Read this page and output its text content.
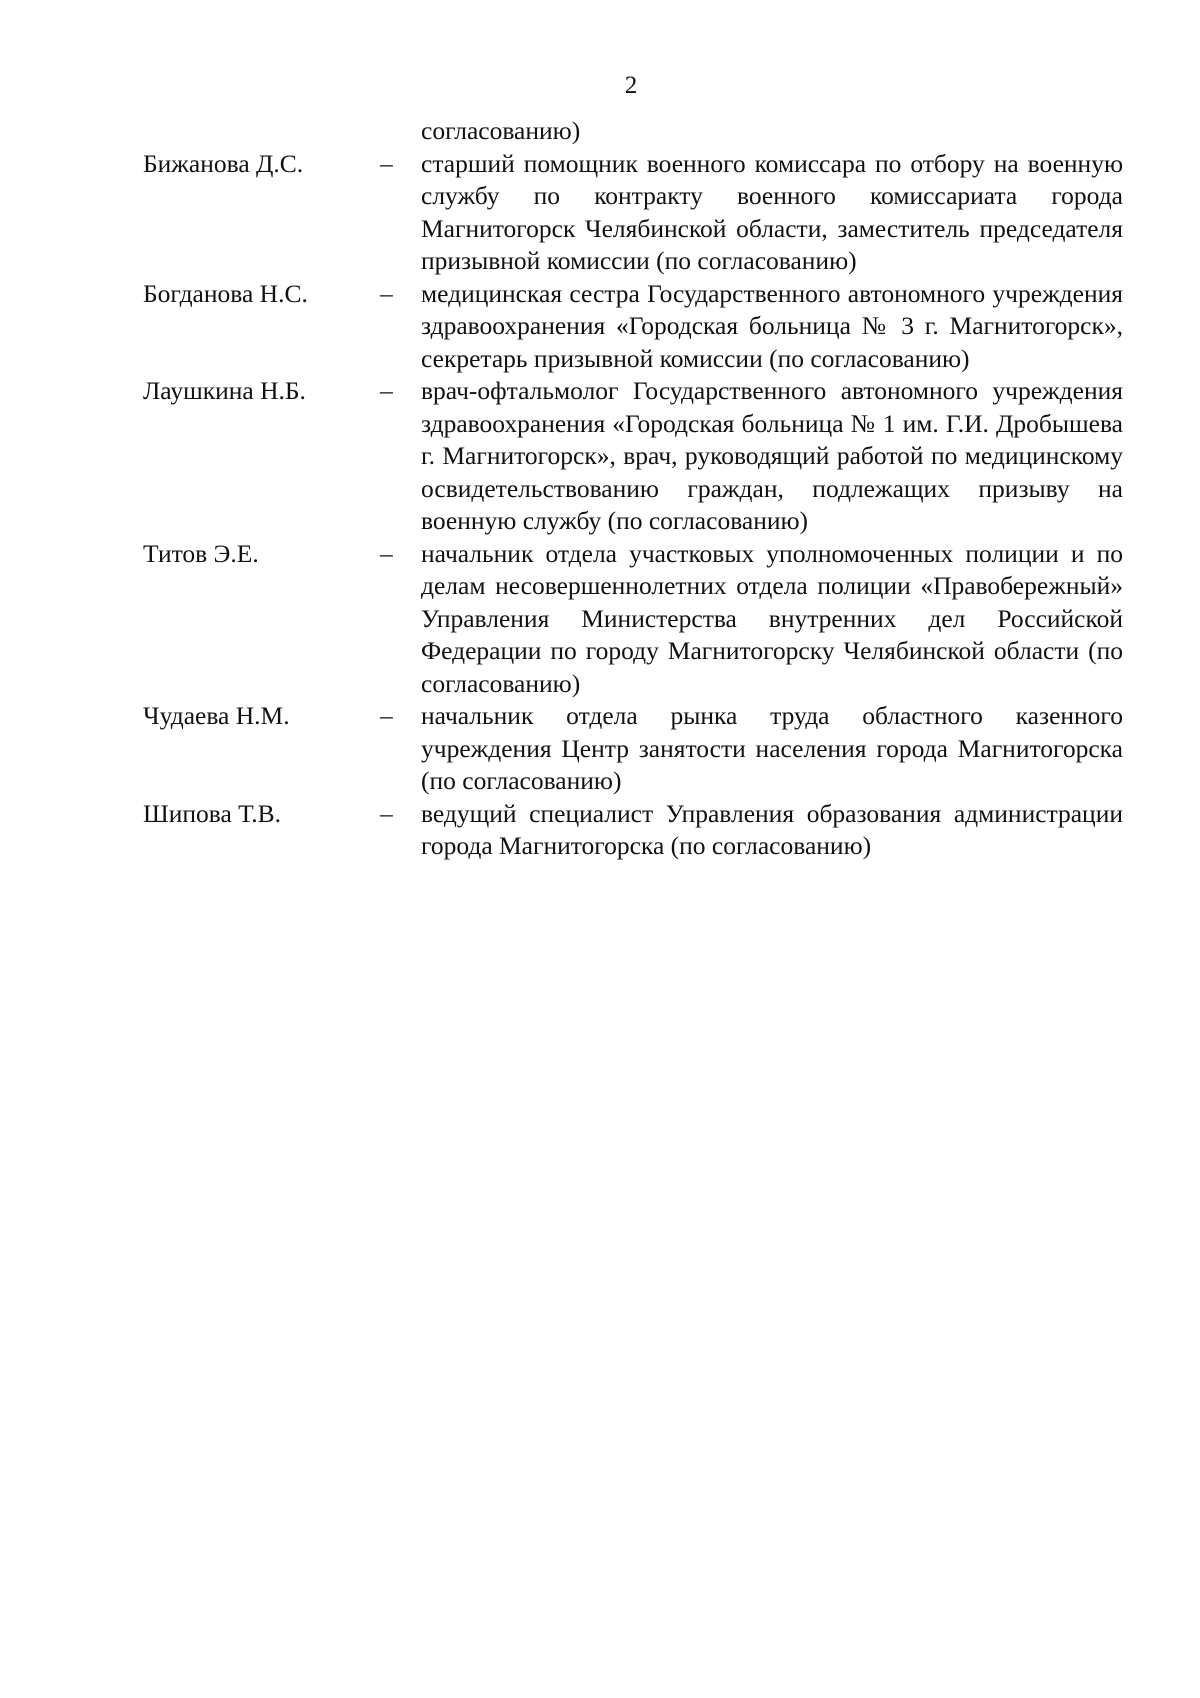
2
согласованию)
Бижанова Д.С.	–	старший помощник военного комиссара по отбору на военную службу по контракту военного комиссариата города Магнитогорск Челябинской области, заместитель председателя призывной комиссии (по согласованию)
Богданова Н.С.	–	медицинская сестра Государственного автономного учреждения здравоохранения «Городская больница № 3 г. Магнитогорск», секретарь призывной комиссии (по согласованию)
Лаушкина Н.Б.	–	врач-офтальмолог Государственного автономного учреждения здравоохранения «Городская больница № 1 им. Г.И. Дробышева г. Магнитогорск», врач, руководящий работой по медицинскому освидетельствованию граждан, подлежащих призыву на военную службу (по согласованию)
Титов Э.Е.	–	начальник отдела участковых уполномоченных полиции и по делам несовершеннолетних отдела полиции «Правобережный» Управления Министерства внутренних дел Российской Федерации по городу Магнитогорску Челябинской области (по согласованию)
Чудаева Н.М.	–	начальник отдела рынка труда областного казенного учреждения Центр занятости населения города Магнитогорска (по согласованию)
Шипова Т.В.	–	ведущий специалист Управления образования администрации города Магнитогорска (по согласованию)
